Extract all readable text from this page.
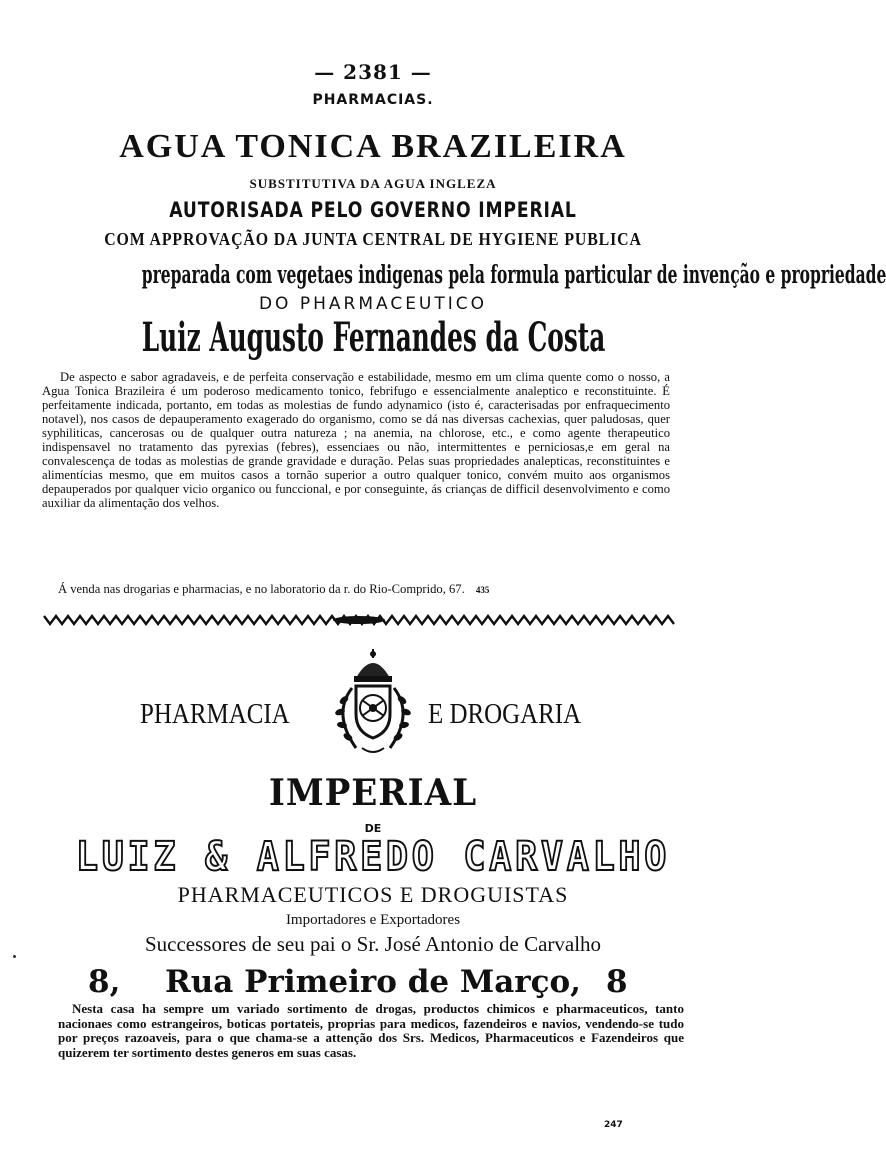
— 2381 —
PHARMACIAS.
AGUA TONICA BRAZILEIRA
SUBSTITUTIVA DA AGUA INGLEZA
AUTORISADA PELO GOVERNO IMPERIAL
COM APPROVAÇÃO DA JUNTA CENTRAL DE HYGIENE PUBLICA
preparada com vegetaes indigenas pela formula particular de invenção e propriedade
DO PHARMACEUTICO
Luiz Augusto Fernandes da Costa
De aspecto e sabor agradaveis, e de perfeita conservação e estabilidade, mesmo em um clima quente como o nosso, a Agua Tonica Brazileira é um poderoso medicamento tonico, febrifugo e essencialmente analeptico e reconstituinte. É perfeitamente indicada, portanto, em todas as molestias de fundo adynamico (isto é, caracterisadas por enfraquecimento notavel), nos casos de depauperamento exagerado do organismo, como se dá nas diversas cachexias, quer paludosas, quer syphiliticas, cancerosas ou de qualquer outra natureza ; na anemia, na chlorose, etc., e como agente therapeutico indispensavel no tratamento das pyrexias (febres), essenciaes ou não, intermittentes e perniciosas,e em geral na convalescença de todas as molestias de grande gravidade e duração. Pelas suas propriedades analepticas, reconstituintes e alimentícias mesmo, que em muitos casos a tornão superior a outro qualquer tonico, convém muito aos organismos depauperados por qualquer vicio organico ou funccional, e por conseguinte, ás crianças de difficil desenvolvimento e como auxiliar da alimentação dos velhos.
Á venda nas drogarias e pharmacias, e no laboratorio da r. do Rio-Comprido, 67. 435
PHARMACIA	E DROGARIA
IMPERIAL
DE
LUIZ & ALFREDO CARVALHO
PHARMACEUTICOS E DROGUISTAS
Importadores e Exportadores
Successores de seu pai o Sr. José Antonio de Carvalho
8, Rua Primeiro de Março, 8
Nesta casa ha sempre um variado sortimento de drogas, productos chimicos e pharmaceuticos, tanto nacionaes como estrangeiros, boticas portateis, proprias para medicos, fazendeiros e navios, vendendo-se tudo por preços razoaveis, para o que chama-se a attenção dos Srs. Medicos, Pharmaceuticos e Fazendeiros que quizerem ter sortimento destes generos em suas casas.
247
